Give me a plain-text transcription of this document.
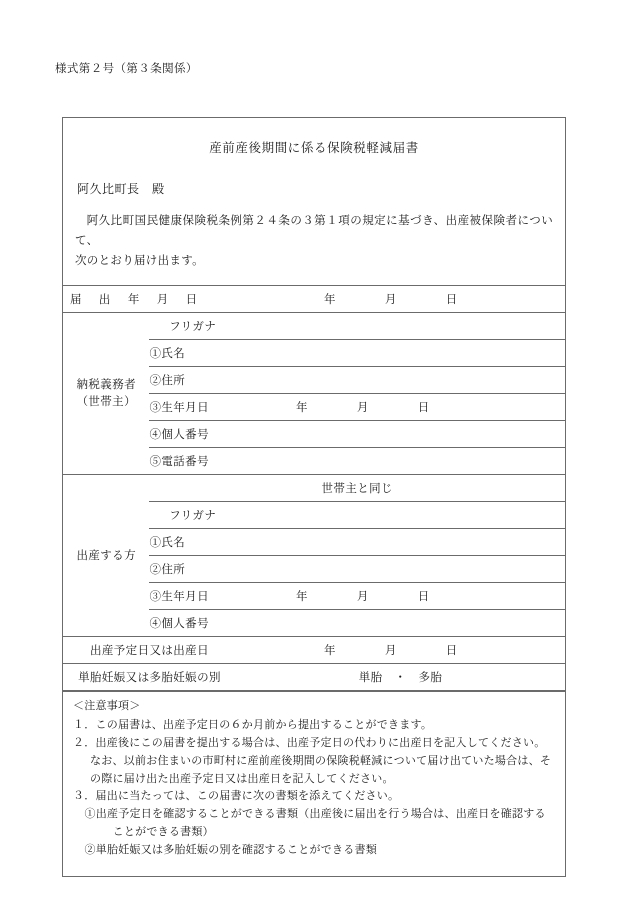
様式第２号（第３条関係）
産前産後期間に係る保険税軽減届書
阿久比町長　殿
阿久比町国民健康保険税条例第２４条の３第１項の規定に基づき、出産被保険者について、
次のとおり届け出ます。
届 出 年 月 日		年 月 日
納税義務者
（世帯主）	フリガナ	
	①氏名	
	②住所	
	③生年月日	年 月 日
	④個人番号	
	⑤電話番号	
出産する方	世帯主と同じ	
	フリガナ	
	①氏名	
	②住所	
	③生年月日	年 月 日
	④個人番号	
出産予定日又は出産日		年 月 日
単胎妊娠又は多胎妊娠の別		単胎 ・ 多胎

＜注意事項＞

１．この届書は、出産予定日の６か月前から提出することができます。

２．出産後にこの届書を提出する場合は、出産予定日の代わりに出産日を記入してください。

なお、以前お住まいの市町村に産前産後期間の保険税軽減について届け出ていた場合は、そ

の際に届け出た出産予定日又は出産日を記入してください。

３．届出に当たっては、この届書に次の書類を添えてください。

①出産予定日を確認することができる書類（出産後に届出を行う場合は、出産日を確認する

ことができる書類）

②単胎妊娠又は多胎妊娠の別を確認することができる書類
